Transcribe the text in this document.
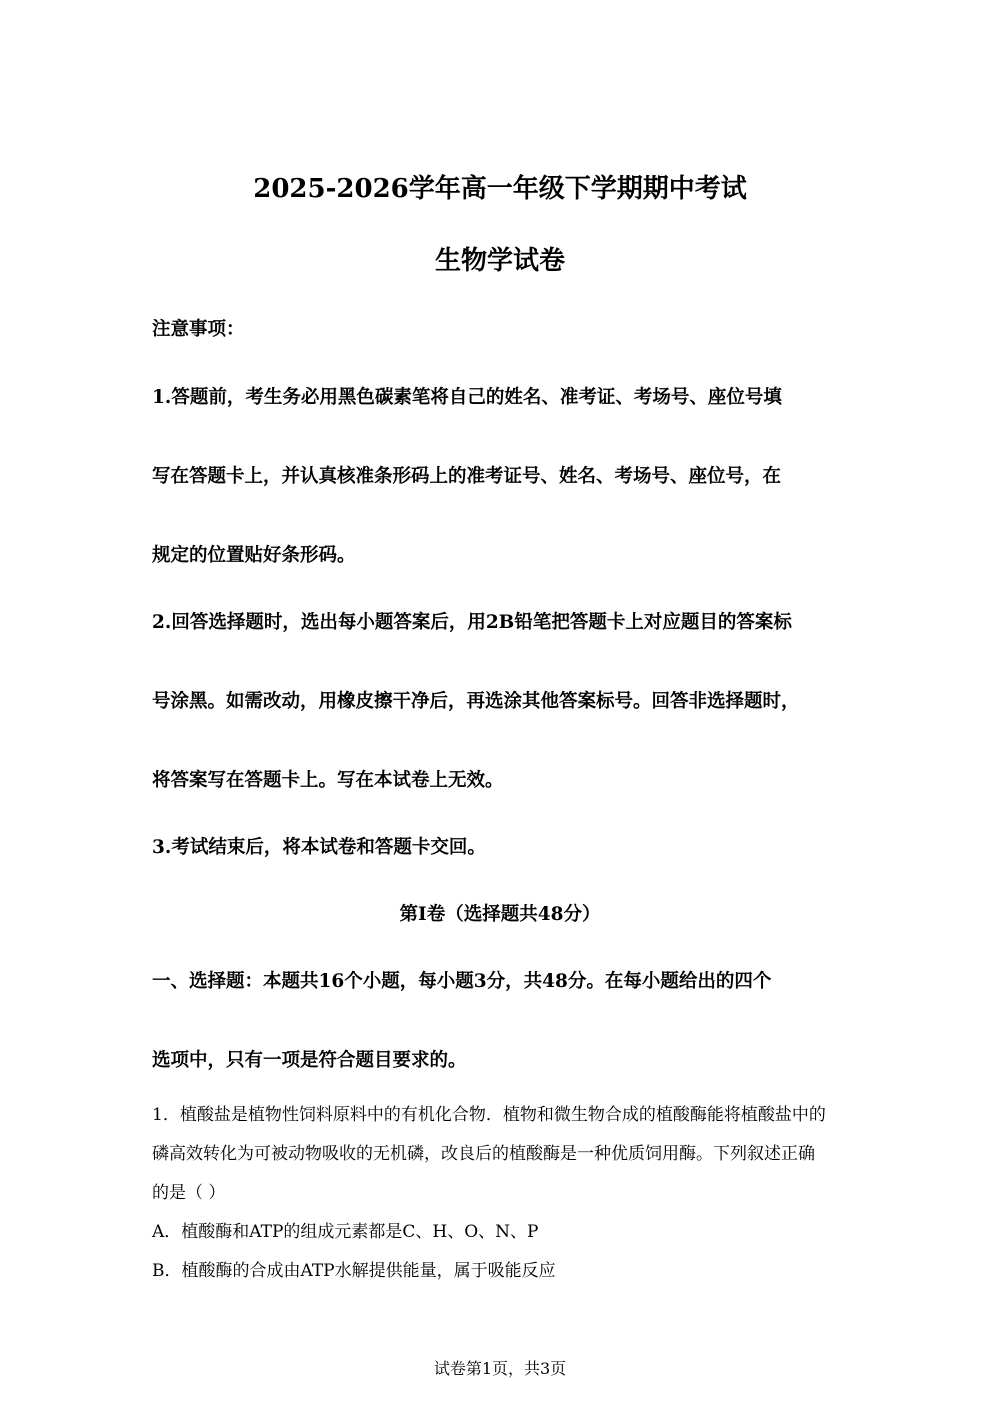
2025-2026学年高一年级下学期期中考试
生物学试卷
注意事项：
1.答题前，考生务必用黑色碳素笔将自己的姓名、准考证、考场号、座位号填
写在答题卡上，并认真核准条形码上的准考证号、姓名、考场号、座位号，在
规定的位置贴好条形码。
2.回答选择题时，选出每小题答案后，用2B铅笔把答题卡上对应题目的答案标
号涂黑。如需改动，用橡皮擦干净后，再选涂其他答案标号。回答非选择题时，
将答案写在答题卡上。写在本试卷上无效。
3.考试结束后，将本试卷和答题卡交回。
第I卷（选择题共48分）
一、选择题：本题共16个小题，每小题3分，共48分。在每小题给出的四个
选项中，只有一项是符合题目要求的。
1．植酸盐是植物性饲料原料中的有机化合物．植物和微生物合成的植酸酶能将植酸盐中的
磷高效转化为可被动物吸收的无机磷，改良后的植酸酶是一种优质饲用酶。下列叙述正确
的是（ ）
A．植酸酶和ATP的组成元素都是C、H、O、N、P
B．植酸酶的合成由ATP水解提供能量，属于吸能反应
试卷第1页，共3页
